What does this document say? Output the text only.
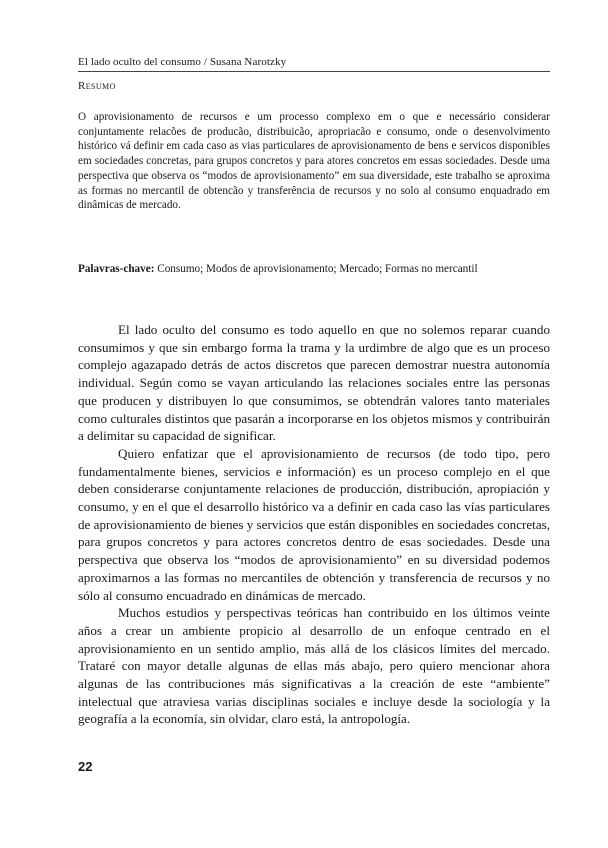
El lado oculto del consumo / Susana Narotzky
Resumo

O aprovisionamento de recursos e um processo complexo em o que e necessário considerar conjuntamente relacões de producão, distribuicão, apropriacão e consumo, onde o desenvolvimento histórico vá definir em cada caso as vias particulares de aprovisionamento de bens e servicos disponibles em sociedades concretas, para grupos concretos y para atores concretos em essas sociedades. Desde uma perspectiva que observa os “modos de aprovisionamento” em sua diversidade, este trabalho se aproxima as formas no mercantil de obtencão y transferência de recursos y no solo al consumo enquadrado em dinâmicas de mercado.

Palavras-chave: Consumo; Modos de aprovisionamento; Mercado; Formas no mercantil

El lado oculto del consumo es todo aquello en que no solemos reparar cuando consumimos y que sin embargo forma la trama y la urdimbre de algo que es un proceso complejo agazapado detrás de actos discretos que parecen demostrar nuestra autonomía individual. Según como se vayan articulando las relaciones sociales entre las personas que producen y distribuyen lo que consumimos, se obtendrán valores tanto materiales como culturales distintos que pasarán a incorporarse en los objetos mismos y contribuirán a delimitar su capacidad de significar.

Quiero enfatizar que el aprovisionamiento de recursos (de todo tipo, pero fundamentalmente bienes, servicios e información) es un proceso complejo en el que deben considerarse conjuntamente relaciones de producción, distribución, apropiación y consumo, y en el que el desarrollo histórico va a definir en cada caso las vías particulares de aprovisionamiento de bienes y servicios que están disponibles en sociedades concretas, para grupos concretos y para actores concretos dentro de esas sociedades. Desde una perspectiva que observa los “modos de aprovisionamiento” en su diversidad podemos aproximarnos a las formas no mercantiles de obtención y transferencia de recursos y no sólo al consumo encuadrado en dinámicas de mercado.

Muchos estudios y perspectivas teóricas han contribuido en los últimos veinte años a crear un ambiente propicio al desarrollo de un enfoque centrado en el aprovisionamiento en un sentido amplio, más allá de los clásicos límites del mercado. Trataré con mayor detalle algunas de ellas más abajo, pero quiero mencionar ahora algunas de las contribuciones más significativas a la creación de este “ambiente” intelectual que atraviesa varias disciplinas sociales e incluye desde la sociología y la geografía a la economía, sin olvidar, claro está, la antropología.

22
